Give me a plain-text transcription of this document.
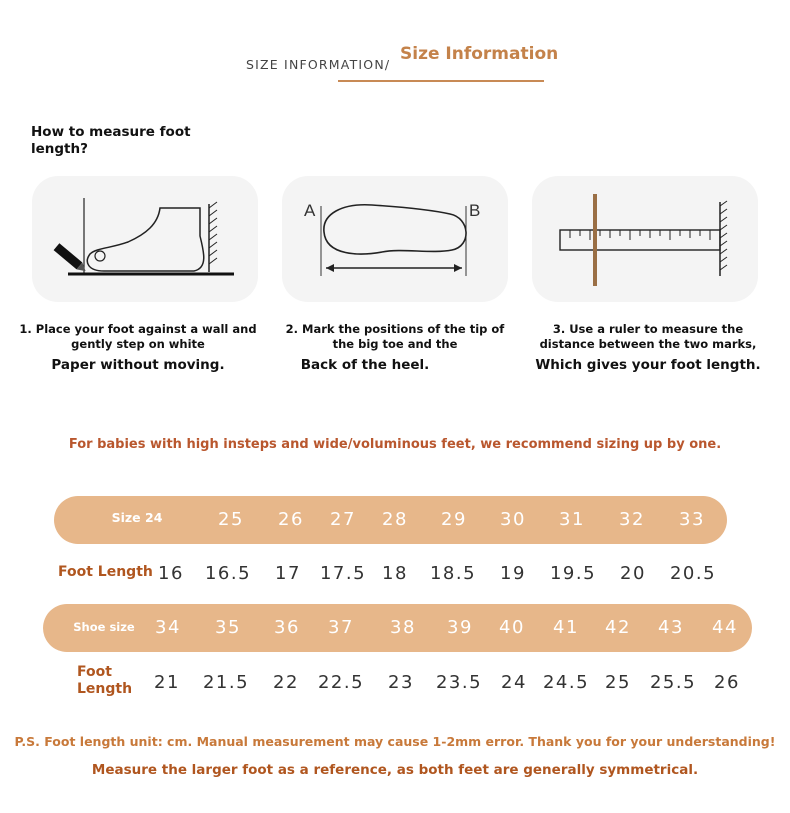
SIZE INFORMATION/
Size Information
How to measure foot length?
A	B
1. Place your foot against a wall and gently step on white
Paper without moving.
2. Mark the positions of the tip of the big toe and the
Back of the heel.
3. Use a ruler to measure the distance between the two marks,
Which gives your foot length.
For babies with high insteps and wide/voluminous feet, we recommend sizing up by one.
Size 24	25 26 27 28 29 30 31 32 33
Foot Length 16 16.5 17 17.5 18 18.5 19 19.5 20 20.5
Shoe size 34 35 36 37 38 39 40 41 42 43 44
Foot Length 21 21.5 22 22.5 23 23.5 24 24.5 25 25.5 26
P.S. Foot length unit: cm. Manual measurement may cause 1-2mm error. Thank you for your understanding!
Measure the larger foot as a reference, as both feet are generally symmetrical.
